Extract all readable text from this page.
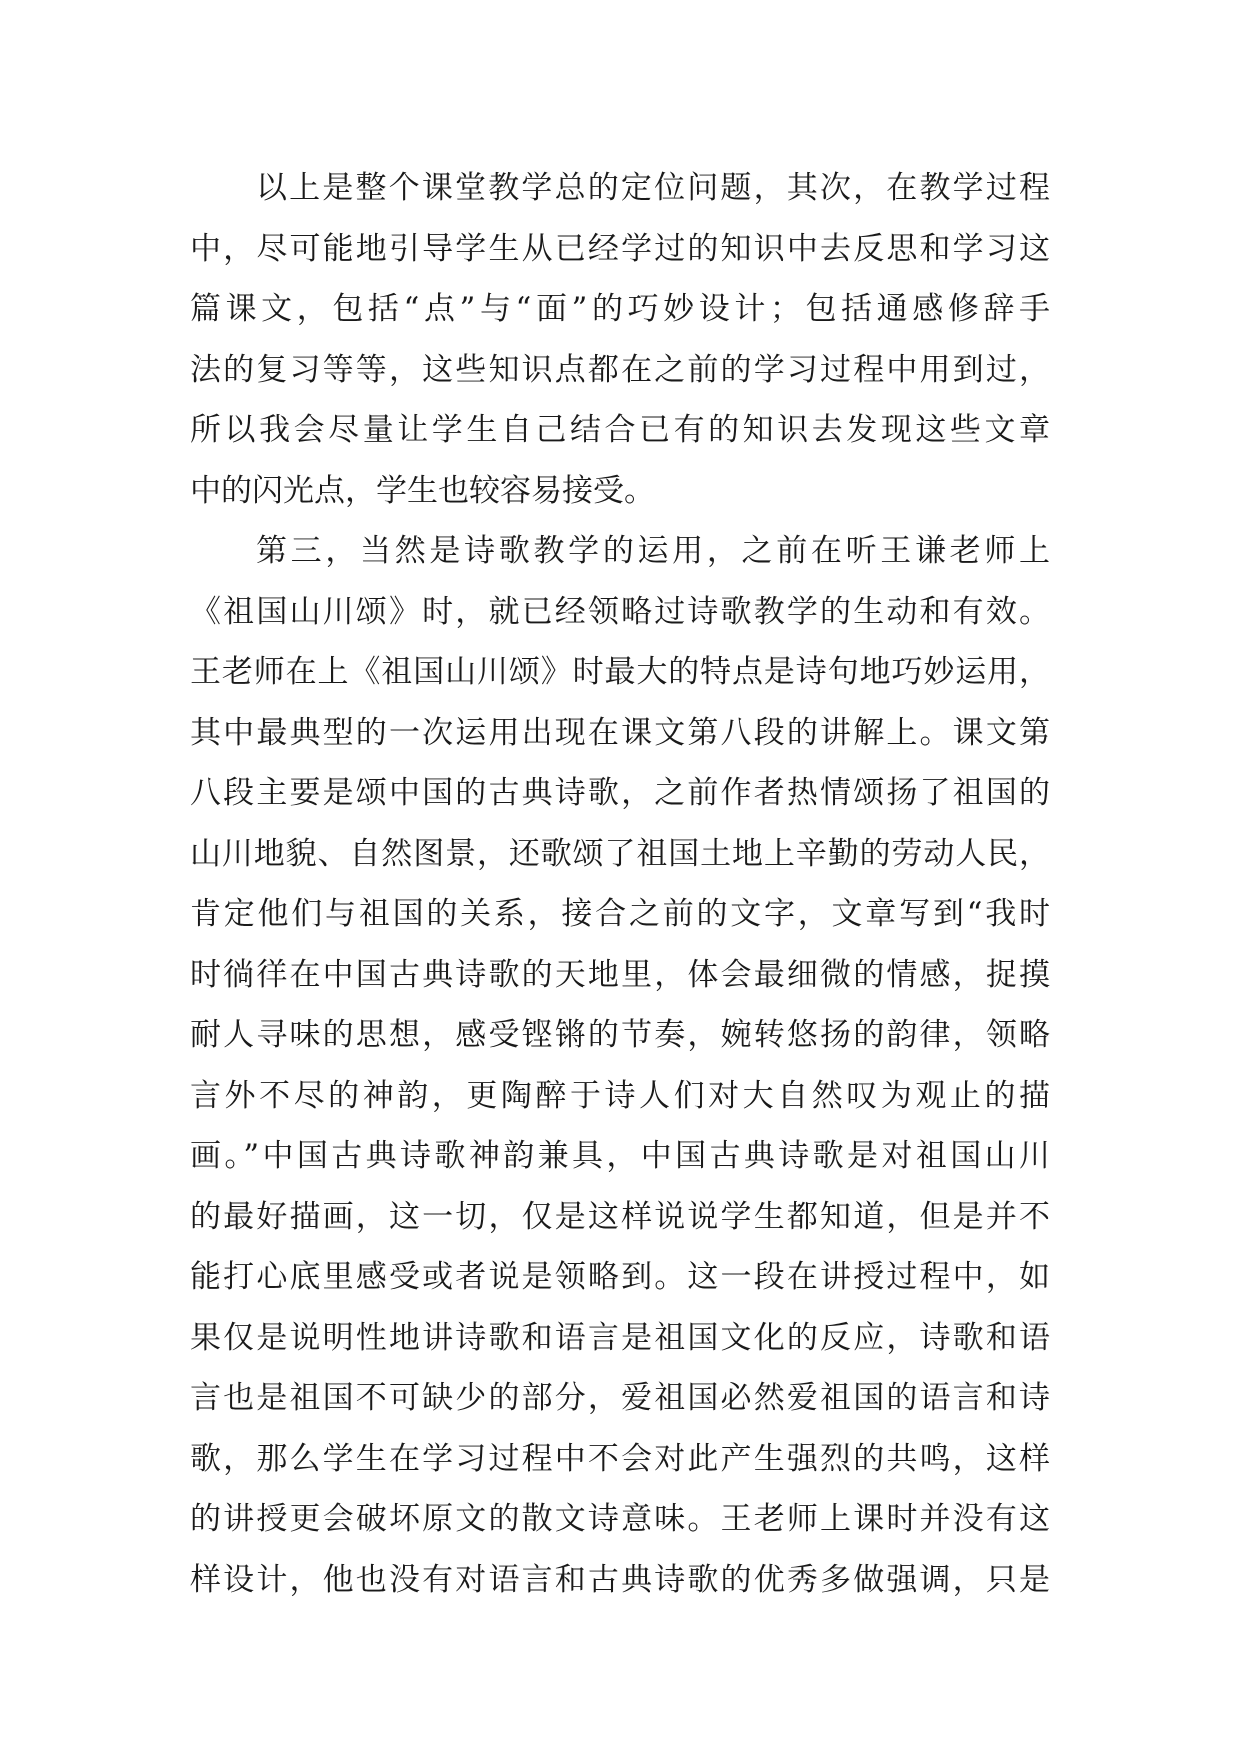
以上是整个课堂教学总的定位问题，其次，在教学过程
中，尽可能地引导学生从已经学过的知识中去反思和学习这
篇课文，包括“点”与“面”的巧妙设计；包括通感修辞手
法的复习等等，这些知识点都在之前的学习过程中用到过，
所以我会尽量让学生自己结合已有的知识去发现这些文章
中的闪光点，学生也较容易接受。
第三，当然是诗歌教学的运用，之前在听王谦老师上
《祖国山川颂》时，就已经领略过诗歌教学的生动和有效。
王老师在上《祖国山川颂》时最大的特点是诗句地巧妙运用，
其中最典型的一次运用出现在课文第八段的讲解上。课文第
八段主要是颂中国的古典诗歌，之前作者热情颂扬了祖国的
山川地貌、自然图景，还歌颂了祖国土地上辛勤的劳动人民，
肯定他们与祖国的关系，接合之前的文字，文章写到“我时
时徜徉在中国古典诗歌的天地里，体会最细微的情感，捉摸
耐人寻味的思想，感受铿锵的节奏，婉转悠扬的韵律，领略
言外不尽的神韵，更陶醉于诗人们对大自然叹为观止的描
画。”中国古典诗歌神韵兼具，中国古典诗歌是对祖国山川
的最好描画，这一切，仅是这样说说学生都知道，但是并不
能打心底里感受或者说是领略到。这一段在讲授过程中，如
果仅是说明性地讲诗歌和语言是祖国文化的反应，诗歌和语
言也是祖国不可缺少的部分，爱祖国必然爱祖国的语言和诗
歌，那么学生在学习过程中不会对此产生强烈的共鸣，这样
的讲授更会破坏原文的散文诗意味。王老师上课时并没有这
样设计，他也没有对语言和古典诗歌的优秀多做强调，只是
